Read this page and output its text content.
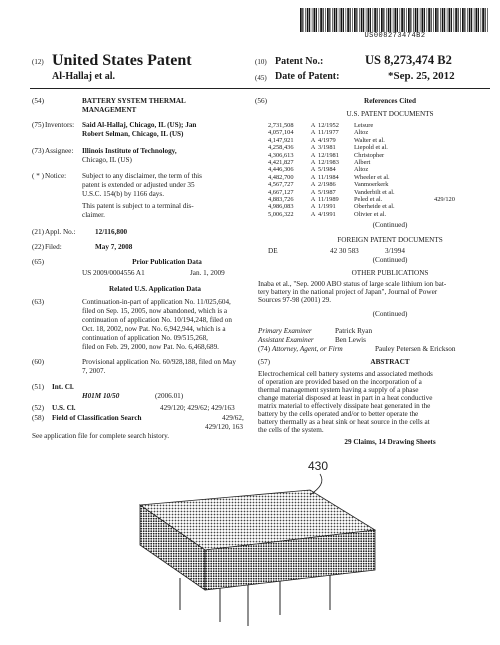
US008273474B2
(12) United States Patent
Al-Hallaj et al.
(10) Patent No.:	US 8,273,474 B2
(45) Date of Patent:	*Sep. 25, 2012
(54)	BATTERY SYSTEM THERMAL
MANAGEMENT
(75) Inventors: Said Al-Hallaj, Chicago, IL (US); Jan
Robert Selman, Chicago, IL (US)
(73) Assignee: Illinois Institute of Technology,
Chicago, IL (US)
( * ) Notice: Subject to any disclaimer, the term of this
patent is extended or adjusted under 35
U.S.C. 154(b) by 1166 days.
This patent is subject to a terminal dis-
claimer.
(21) Appl. No.:	12/116,800
(22) Filed:	May 7, 2008
(65)	Prior Publication Data
US 2009/0004556 A1	Jan. 1, 2009
Related U.S. Application Data
(63)	Continuation-in-part of application No. 11/025,604,
filed on Sep. 15, 2005, now abandoned, which is a
continuation of application No. 10/194,248, filed on
Oct. 18, 2002, now Pat. No. 6,942,944, which is a
continuation of application No. 09/515,268,
filed on Feb. 29, 2000, now Pat. No. 6,468,689.
(60)	Provisional application No. 60/928,188, filed on May
7, 2007.
(51) Int. Cl.
H01M 10/50	(2006.01)
(52) U.S. Cl.	429/120; 429/62; 429/163
(58) Field of Classification Search	429/62,
429/120, 163
See application file for complete search history.
(56)	References Cited
U.S. PATENT DOCUMENTS
2,731,508	A 12/1952	Leisure
4,057,104	A 11/1977	Altoz
4,147,921	A 4/1979	Walter et al.
4,258,436	A 3/1981	Liepold et al.
4,306,613	A 12/1981	Christopher
4,421,827	A 12/1983	Albert
4,446,306	A 5/1984	Altoz
4,482,700	A 11/1984	Wheeler et al.
4,567,727	A 2/1986	Vanmoerkerk
4,667,127	A 5/1987	Vanderbilt et al.
4,883,726	A 11/1989	Peled et al.	429/120
4,986,083	A 1/1991	Oberheide et al.
5,006,322	A 4/1991	Olivier et al.
(Continued)
FOREIGN PATENT DOCUMENTS
DE	42 30 583	3/1994
(Continued)
OTHER PUBLICATIONS
Inaba et al., "Sep. 2000 ABO status of large scale lithium ion bat-
tery battery in the national project of Japan", Journal of Power
Sources 97-98 (2001) 29.
(Continued)
Primary Examiner	Patrick Ryan
Assistant Examiner	Ben Lewis
(74) Attorney, Agent, or Firm	Pauley Petersen & Erickson
(57)	ABSTRACT
Electrochemical cell battery systems and associated methods
of operation are provided based on the incorporation of a
thermal management system having a supply of a phase
change material disposed at least in part in a heat conductive
matrix material to effectively dissipate heat generated in the
battery by the cells operated and/or to better operate the
battery thermally as a heat sink or heat source in the cells at
the cells of the system.
29 Claims, 14 Drawing Sheets
430
